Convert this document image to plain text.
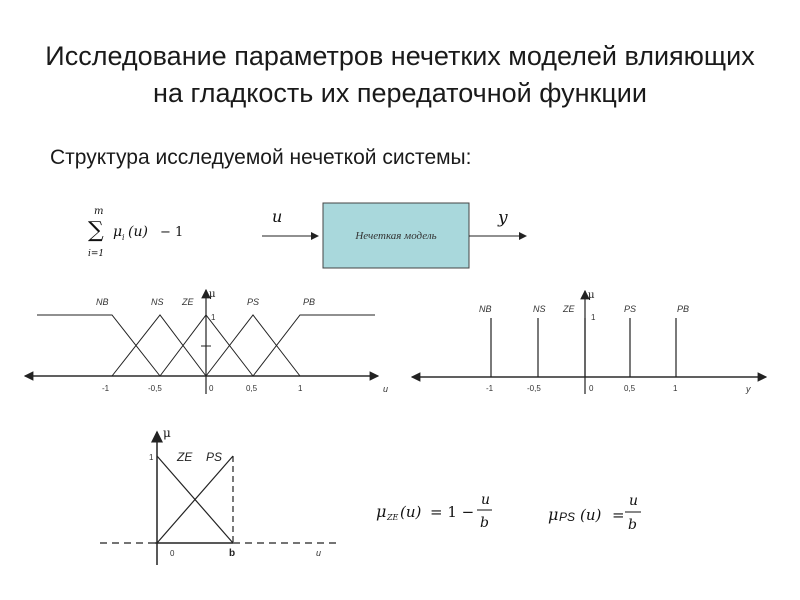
Исследование параметров нечетких моделей влияющих на гладкость их передаточной функции
Структура исследуемой нечеткой системы:
m
∑
i=1
μ i (u) − 1
u
Нечеткая модель
y
μ
1
u
NB	NS ZE	PS	PB
-1	-0,5	0	0,5	1
μ
1
y
NB	NS ZE	PS	PB
-1	-0,5	0	0,5	1
μ
1 ZE PS
0	b	u
μ ZE (u) = 1 −
u
b	μ PS (u) =
u
b
